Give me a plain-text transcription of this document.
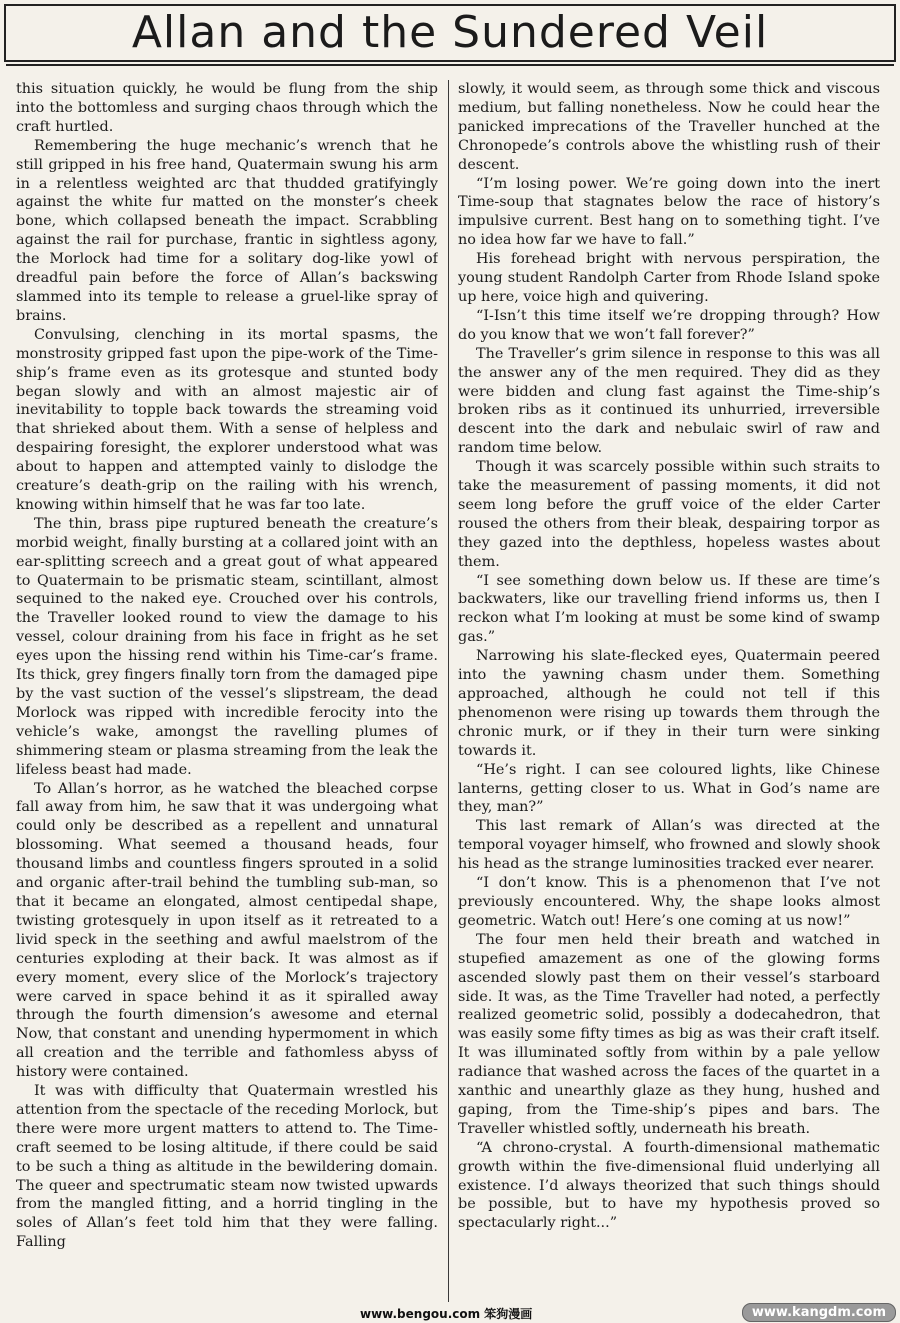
Allan and the Sundered Veil

this situation quickly, he would be flung from the ship into the bottomless and surging chaos through which the craft hurtled.

Remembering the huge mechanic’s wrench that he still gripped in his free hand, Quatermain swung his arm in a relentless weighted arc that thudded gratifyingly against the white fur matted on the monster’s cheek bone, which collapsed beneath the impact. Scrabbling against the rail for purchase, frantic in sightless agony, the Morlock had time for a solitary dog-like yowl of dreadful pain before the force of Allan’s backswing slammed into its temple to release a gruel-like spray of brains.

Convulsing, clenching in its mortal spasms, the monstrosity gripped fast upon the pipe-work of the Time-ship’s frame even as its grotesque and stunted body began slowly and with an almost majestic air of inevitability to topple back towards the streaming void that shrieked about them. With a sense of helpless and despairing foresight, the explorer understood what was about to happen and attempted vainly to dislodge the creature’s death-grip on the railing with his wrench, knowing within himself that he was far too late.

The thin, brass pipe ruptured beneath the creature’s morbid weight, finally bursting at a collared joint with an ear-splitting screech and a great gout of what appeared to Quatermain to be prismatic steam, scintillant, almost sequined to the naked eye. Crouched over his controls, the Traveller looked round to view the damage to his vessel, colour draining from his face in fright as he set eyes upon the hissing rend within his Time-car’s frame. Its thick, grey fingers finally torn from the damaged pipe by the vast suction of the vessel’s slipstream, the dead Morlock was ripped with incredible ferocity into the vehicle’s wake, amongst the ravelling plumes of shimmering steam or plasma streaming from the leak the lifeless beast had made.

To Allan’s horror, as he watched the bleached corpse fall away from him, he saw that it was undergoing what could only be described as a repellent and unnatural blossoming. What seemed a thousand heads, four thousand limbs and countless fingers sprouted in a solid and organic after-trail behind the tumbling sub-man, so that it became an elongated, almost centipedal shape, twisting grotesquely in upon itself as it retreated to a livid speck in the seething and awful maelstrom of the centuries exploding at their back. It was almost as if every moment, every slice of the Morlock’s trajectory were carved in space behind it as it spiralled away through the fourth dimension’s awesome and eternal Now, that constant and unending hypermoment in which all creation and the terrible and fathomless abyss of history were contained.

It was with difficulty that Quatermain wrestled his attention from the spectacle of the receding Morlock, but there were more urgent matters to attend to. The Time-craft seemed to be losing altitude, if there could be said to be such a thing as altitude in the bewildering domain. The queer and spectrumatic steam now twisted upwards from the mangled fitting, and a horrid tingling in the soles of Allan’s feet told him that they were falling. Falling

slowly, it would seem, as through some thick and viscous medium, but falling nonetheless. Now he could hear the panicked imprecations of the Traveller hunched at the Chronopede’s controls above the whistling rush of their descent.

“I’m losing power. We’re going down into the inert Time-soup that stagnates below the race of history’s impulsive current. Best hang on to something tight. I’ve no idea how far we have to fall.”

His forehead bright with nervous perspiration, the young student Randolph Carter from Rhode Island spoke up here, voice high and quivering.

“I-Isn’t this time itself we’re dropping through? How do you know that we won’t fall forever?”

The Traveller’s grim silence in response to this was all the answer any of the men required. They did as they were bidden and clung fast against the Time-ship’s broken ribs as it continued its unhurried, irreversible descent into the dark and nebulaic swirl of raw and random time below.

Though it was scarcely possible within such straits to take the measurement of passing moments, it did not seem long before the gruff voice of the elder Carter roused the others from their bleak, despairing torpor as they gazed into the depthless, hopeless wastes about them.

“I see something down below us. If these are time’s backwaters, like our travelling friend informs us, then I reckon what I’m looking at must be some kind of swamp gas.”

Narrowing his slate-flecked eyes, Quatermain peered into the yawning chasm under them. Something approached, although he could not tell if this phenomenon were rising up towards them through the chronic murk, or if they in their turn were sinking towards it.

“He’s right. I can see coloured lights, like Chinese lanterns, getting closer to us. What in God’s name are they, man?”

This last remark of Allan’s was directed at the temporal voyager himself, who frowned and slowly shook his head as the strange luminosities tracked ever nearer.

“I don’t know. This is a phenomenon that I’ve not previously encountered. Why, the shape looks almost geometric. Watch out! Here’s one coming at us now!”

The four men held their breath and watched in stupefied amazement as one of the glowing forms ascended slowly past them on their vessel’s starboard side. It was, as the Time Traveller had noted, a perfectly realized geometric solid, possibly a dodecahedron, that was easily some fifty times as big as was their craft itself. It was illuminated softly from within by a pale yellow radiance that washed across the faces of the quartet in a xanthic and unearthly glaze as they hung, hushed and gaping, from the Time-ship’s pipes and bars. The Traveller whistled softly, underneath his breath.

“A chrono-crystal. A fourth-dimensional mathematic growth within the five-dimensional fluid underlying all existence. I’d always theorized that such things should be possible, but to have my hypothesis proved so spectacularly right...”

www.bengou.com 笨狗漫画	www.kangdm.com
